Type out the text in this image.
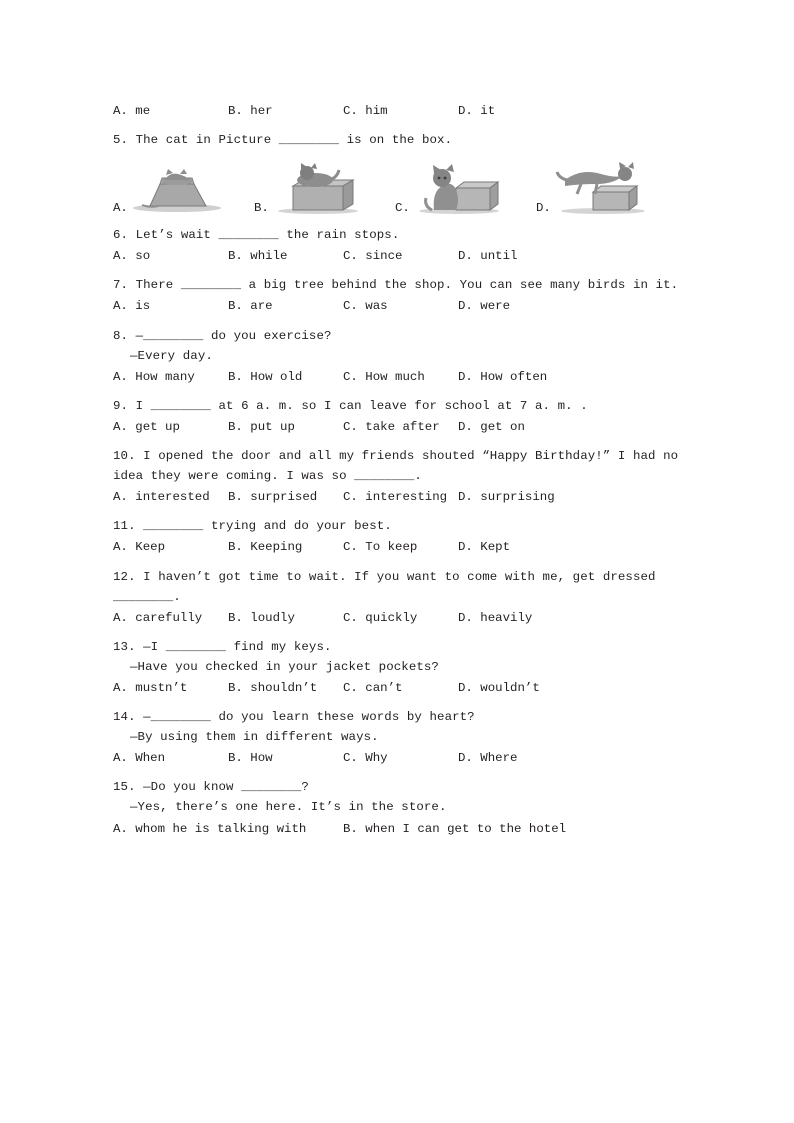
A. me	B. her	C. him	D. it
5. The cat in Picture ________ is on the box.
A.	B.	C.	D.
6. Let’s wait ________ the rain stops.
A. so	B. while	C. since	D. until
7. There ________ a big tree behind the shop. You can see many birds in it.
A. is	B. are	C. was	D. were
8. —________ do you exercise?
—Every day.
A. How many	B. How old	C. How much	D. How often
9. I ________ at 6 a. m. so I can leave for school at 7 a. m. .
A. get up	B. put up	C. take after	D. get on
10. I opened the door and all my friends shouted “Happy Birthday!” I had no
idea they were coming. I was so ________.
A. interested	B. surprised	C. interesting D. surprising
11. ________ trying and do your best.
A. Keep	B. Keeping	C. To keep	D. Kept
12. I haven’t got time to wait. If you want to come with me, get dressed
________.
A. carefully	B. loudly	C. quickly	D. heavily
13. —I ________ find my keys.
—Have you checked in your jacket pockets?
A. mustn’t	B. shouldn’t	C. can’t	D. wouldn’t
14. —________ do you learn these words by heart?
—By using them in different ways.
A. When	B. How	C. Why	D. Where
15. —Do you know ________?
—Yes, there’s one here. It’s in the store.
A. whom he is talking with	B. when I can get to the hotel
